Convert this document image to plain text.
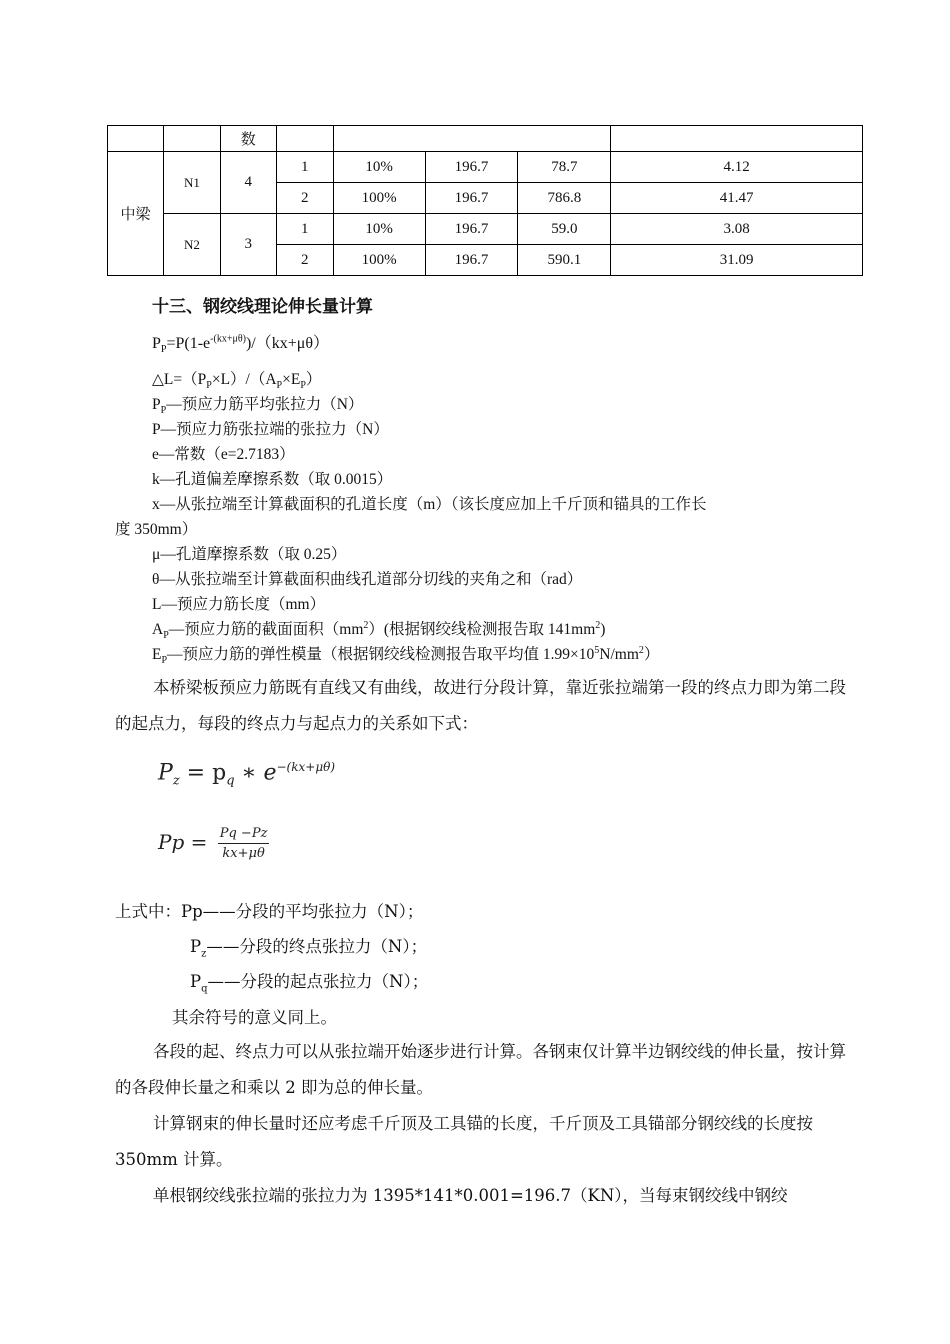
		数					
中梁	N1	4	1	10%	196.7	78.7	4.12
			2	100%	196.7	786.8	41.47
	N2	3	1	10%	196.7	59.0	3.08
			2	100%	196.7	590.1	31.09
十三、钢绞线理论伸长量计算
$P_P=P(1-e^{-(kx+\mu\theta)})/(kx+\mu\theta)$
$\triangle L=(P_P\times L)/(A_P\times E_P)$
$P_P—$预应力筋平均张拉力（N）
P—预应力筋张拉端的张拉力（N）
e—常数（e=2.7183）
k—孔道偏差摩擦系数（取 0.0015）
x—从张拉端至计算截面积的孔道长度（m）（该长度应加上千斤顶和锚具的工作长
度 350mm）
μ—孔道摩擦系数（取 0.25）
θ—从张拉端至计算截面积曲线孔道部分切线的夹角之和（rad）
L—预应力筋长度（mm）
$A_P—$预应力筋的截面面积$(mm^2)$(根据钢绞线检测报告取 $141mm^2$)
$E_P—$预应力筋的弹性模量（根据钢绞线检测报告取平均值 $1.99\times 10^5N/mm^2$）
本桥梁板预应力筋既有直线又有曲线，故进行分段计算，靠近张拉端第一段的终点力即为第二段的起点力，每段的终点力与起点力的关系如下式：
$P_z = p_q$ ∗ $e^{-(kx+\mu\theta)}$
$Pp = \frac{Pq -Pz}{kx+\mu\theta}$
上式中：Pp——分段的平均张拉力（N）；
$P_z——$分段的终点张拉力（N）；
$P_q——$分段的起点张拉力（N）；
其余符号的意义同上。
各段的起、终点力可以从张拉端开始逐步进行计算。各钢束仅计算半边钢绞线的伸长量，按计算的各段伸长量之和乘以 2 即为总的伸长量。
计算钢束的伸长量时还应考虑千斤顶及工具锚的长度，千斤顶及工具锚部分钢绞线的长度按 350mm 计算。
单根钢绞线张拉端的张拉力为 1395*141*0.001=196.7（KN），当每束钢绞线中钢绞
